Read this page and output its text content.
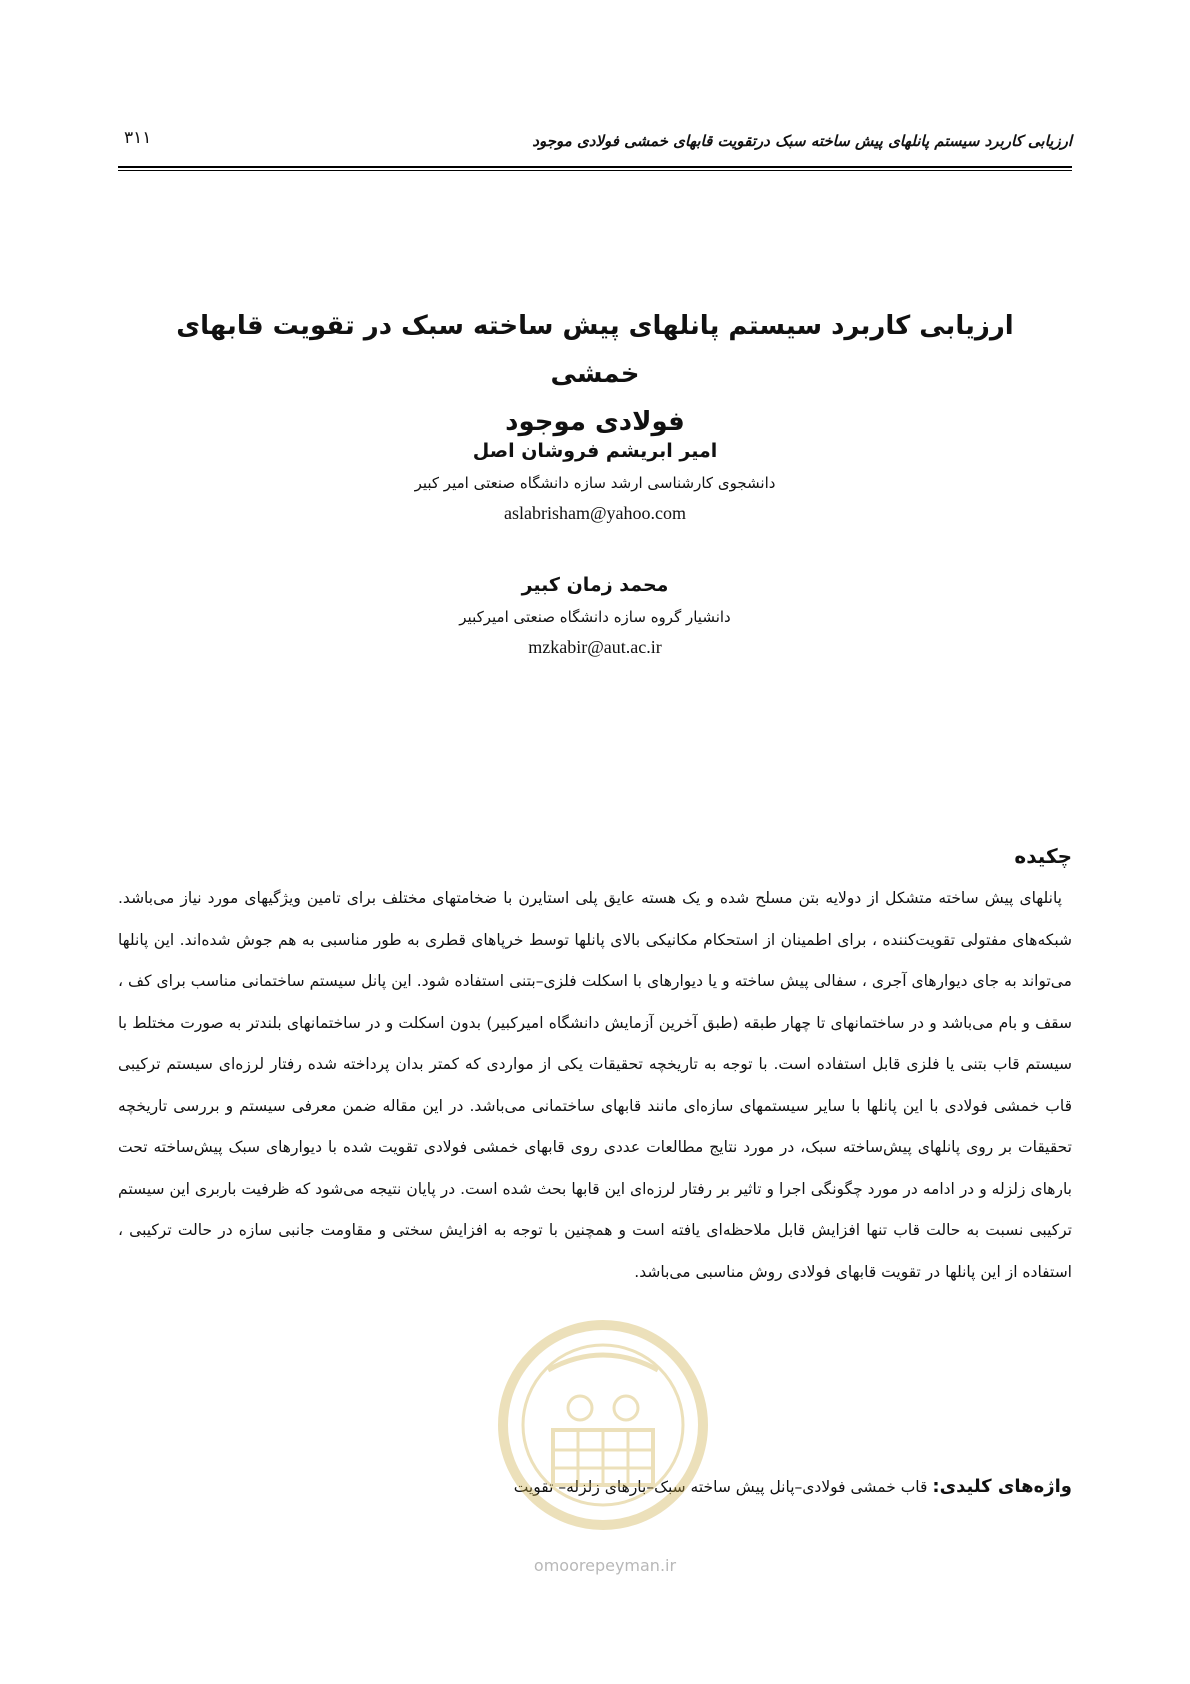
ارزیابی کاربرد سیستم پانلهای پیش ساخته سبک درتقویت قابهای خمشی فولادی موجود
۳۱۱
ارزیابی کاربرد سیستم پانلهای پیش ساخته سبک در تقویت قابهای خمشی
فولادی موجود
امیر ابریشم فروشان اصل
دانشجوی کارشناسی ارشد سازه دانشگاه صنعتی امیر کبیر
aslabrisham@yahoo.com
محمد زمان کبیر
دانشیار گروه سازه دانشگاه صنعتی امیرکبیر
mzkabir@aut.ac.ir
چکیده
پانلهای پیش ساخته متشکل از دولایه بتن مسلح شده و یک هسته عایق پلی استایرن با ضخامتهای مختلف برای تامین ویژگیهای مورد نیاز می‌باشد. شبکه‌های مفتولی تقویت‌کننده ، برای اطمینان از استحکام مکانیکی بالای پانلها توسط خرپاهای قطری به طور مناسبی به هم جوش شده‌اند. این پانلها می‌تواند به جای دیوارهای آجری ، سفالی پیش ساخته و یا دیوارهای با اسکلت فلزی–بتنی استفاده شود. این پانل سیستم ساختمانی مناسب برای کف ، سقف و بام می‌باشد و در ساختمانهای تا چهار طبقه (طبق آخرین آزمایش دانشگاه امیرکبیر) بدون اسکلت و در ساختمانهای بلندتر به صورت مختلط با سیستم قاب بتنی یا فلزی قابل استفاده است. با توجه به تاریخچه تحقیقات یکی از مواردی که کمتر بدان پرداخته شده رفتار لرزه‌ای سیستم ترکیبی قاب خمشی فولادی با این پانلها با سایر سیستمهای سازه‌ای مانند قابهای ساختمانی می‌باشد. در این مقاله ضمن معرفی سیستم و بررسی تاریخچه تحقیقات بر روی پانلهای پیش‌ساخته سبک، در مورد نتایج مطالعات عددی روی قابهای خمشی فولادی تقویت شده با دیوارهای سبک پیش‌ساخته تحت بارهای زلزله و در ادامه در مورد چگونگی اجرا و تاثیر بر رفتار لرزه‌ای این قابها بحث شده است. در پایان نتیجه می‌شود که ظرفیت باربری این سیستم ترکیبی نسبت به حالت قاب تنها افزایش قابل ملاحظه‌ای یافته است و همچنین با توجه به افزایش سختی و مقاومت جانبی سازه در حالت ترکیبی ، استفاده از این پانلها در تقویت قابهای فولادی روش مناسبی می‌باشد.
واژه‌های کلیدی: قاب خمشی فولادی–پانل پیش ساخته سبک–بارهای زلزله– تقویت
omoorepeyman.ir
